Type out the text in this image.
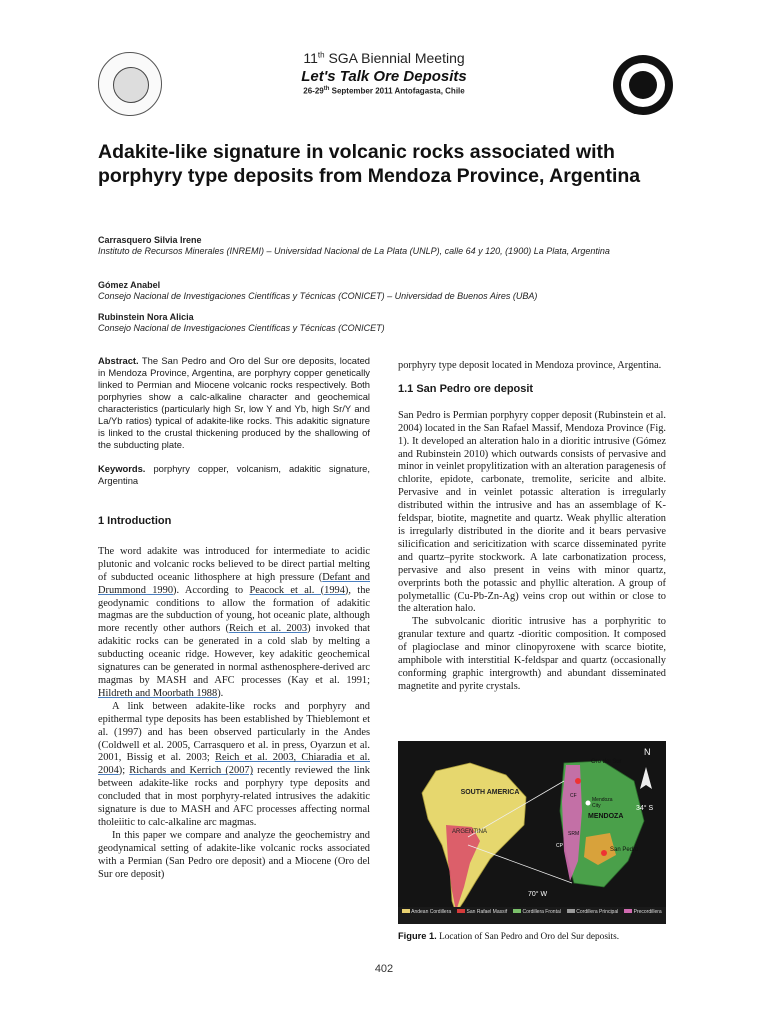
11th SGA Biennial Meeting
Let's Talk Ore Deposits
26-29th September 2011 Antofagasta, Chile
Adakite-like signature in volcanic rocks associated with porphyry type deposits from Mendoza Province, Argentina
Carrasquero Silvia Irene
Instituto de Recursos Minerales (INREMI) – Universidad Nacional de La Plata (UNLP), calle 64 y 120, (1900) La Plata, Argentina
Gómez Anabel
Consejo Nacional de Investigaciones Científicas y Técnicas (CONICET) – Universidad de Buenos Aires (UBA)
Rubinstein Nora Alicia
Consejo Nacional de Investigaciones Científicas y Técnicas (CONICET)
Abstract. The San Pedro and Oro del Sur ore deposits, located in Mendoza Province, Argentina, are porphyry copper genetically linked to Permian and Miocene volcanic rocks respectively. Both porphyries show a calc-alkaline character and geochemical characteristics (particularly high Sr, low Y and Yb, high Sr/Y and La/Yb ratios) typical of adakite-like rocks. This adakitic signature is linked to the crustal thickening produced by the shallowing of the subducting plate.
Keywords. porphyry copper, volcanism, adakitic signature, Argentina
1 Introduction
The word adakite was introduced for intermediate to acidic plutonic and volcanic rocks believed to be direct partial melting of subducted oceanic lithosphere at high pressure (Defant and Drummond 1990). According to Peacock et al. (1994), the geodynamic conditions to allow the formation of adakitic magmas are the subduction of young, hot oceanic plate, although more recently other authors (Reich et al. 2003) invoked that adakitic rocks can be generated in a cold slab by melting a subducting oceanic ridge. However, key adakitic geochemical signatures can be generated in normal asthenosphere-derived arc magmas by MASH and AFC processes (Kay et al. 1991; Hildreth and Moorbath 1988).
A link between adakite-like rocks and porphyry and epithermal type deposits has been established by Thieblemont et al. (1997) and has been observed particularly in the Andes (Coldwell et al. 2005, Carrasquero et al. in press, Oyarzun et al. 2001, Bissig et al. 2003; Reich et al. 2003, Chiaradia et al. 2004); Richards and Kerrich (2007) recently reviewed the link between adakite-like rocks and porphyry type deposits and concluded that in most porphyry-related intrusives the adakitic signature is due to MASH and AFC processes affecting normal tholeiitic to calc-alkaline arc magmas.
In this paper we compare and analyze the geochemistry and geodynamical setting of adakite-like volcanic rocks associated with a Permian (San Pedro ore deposit) and a Miocene (Oro del Sur ore deposit)
porphyry type deposit located in Mendoza province, Argentina.
1.1 San Pedro ore deposit
San Pedro is Permian porphyry copper deposit (Rubinstein et al. 2004) located in the San Rafael Massif, Mendoza Province (Fig. 1). It developed an alteration halo in a dioritic intrusive (Gómez and Rubinstein 2010) which outwards consists of pervasive and minor in veinlet propylitization with an alteration paragenesis of chlorite, epidote, carbonate, tremolite, sericite and albite. Pervasive and in veinlet potassic alteration is irregularly distributed within the intrusive and has an assemblage of K-feldspar, biotite, magnetite and quartz. Weak phyllic alteration is irregularly distributed in the diorite and it bears pervasive silicification and sericitization with scarce disseminated pyrite and quartz–pyrite stockwork. A late carbonatization process, pervasive and also present in veins with minor quartz, overprints both the potassic and phyllic alteration. A group of polymetallic (Cu-Pb-Zn-Ag) veins crop out within or close to the alteration halo.
The subvolcanic dioritic intrusive has a porphyritic to granular texture and quartz -dioritic composition. It composed of plagioclase and minor clinopyroxene with scarce biotite, amphibole with interstitial K-feldspar and quartz (occasionally conforming graphic intergrowth) and abundant disseminated magnetite and pyrite crystals.
N
SOUTH AMERICA
ARGENTINA
Oro del Sur
Mendoza City
MENDOZA
34° S
SRM
San Pedro
CP
CF
70° W
Andean Cordillera	San Rafael Massif	Cordillera Frontal	Cordillera Principal	Precordillera
Figure 1. Location of San Pedro and Oro del Sur deposits.
402
